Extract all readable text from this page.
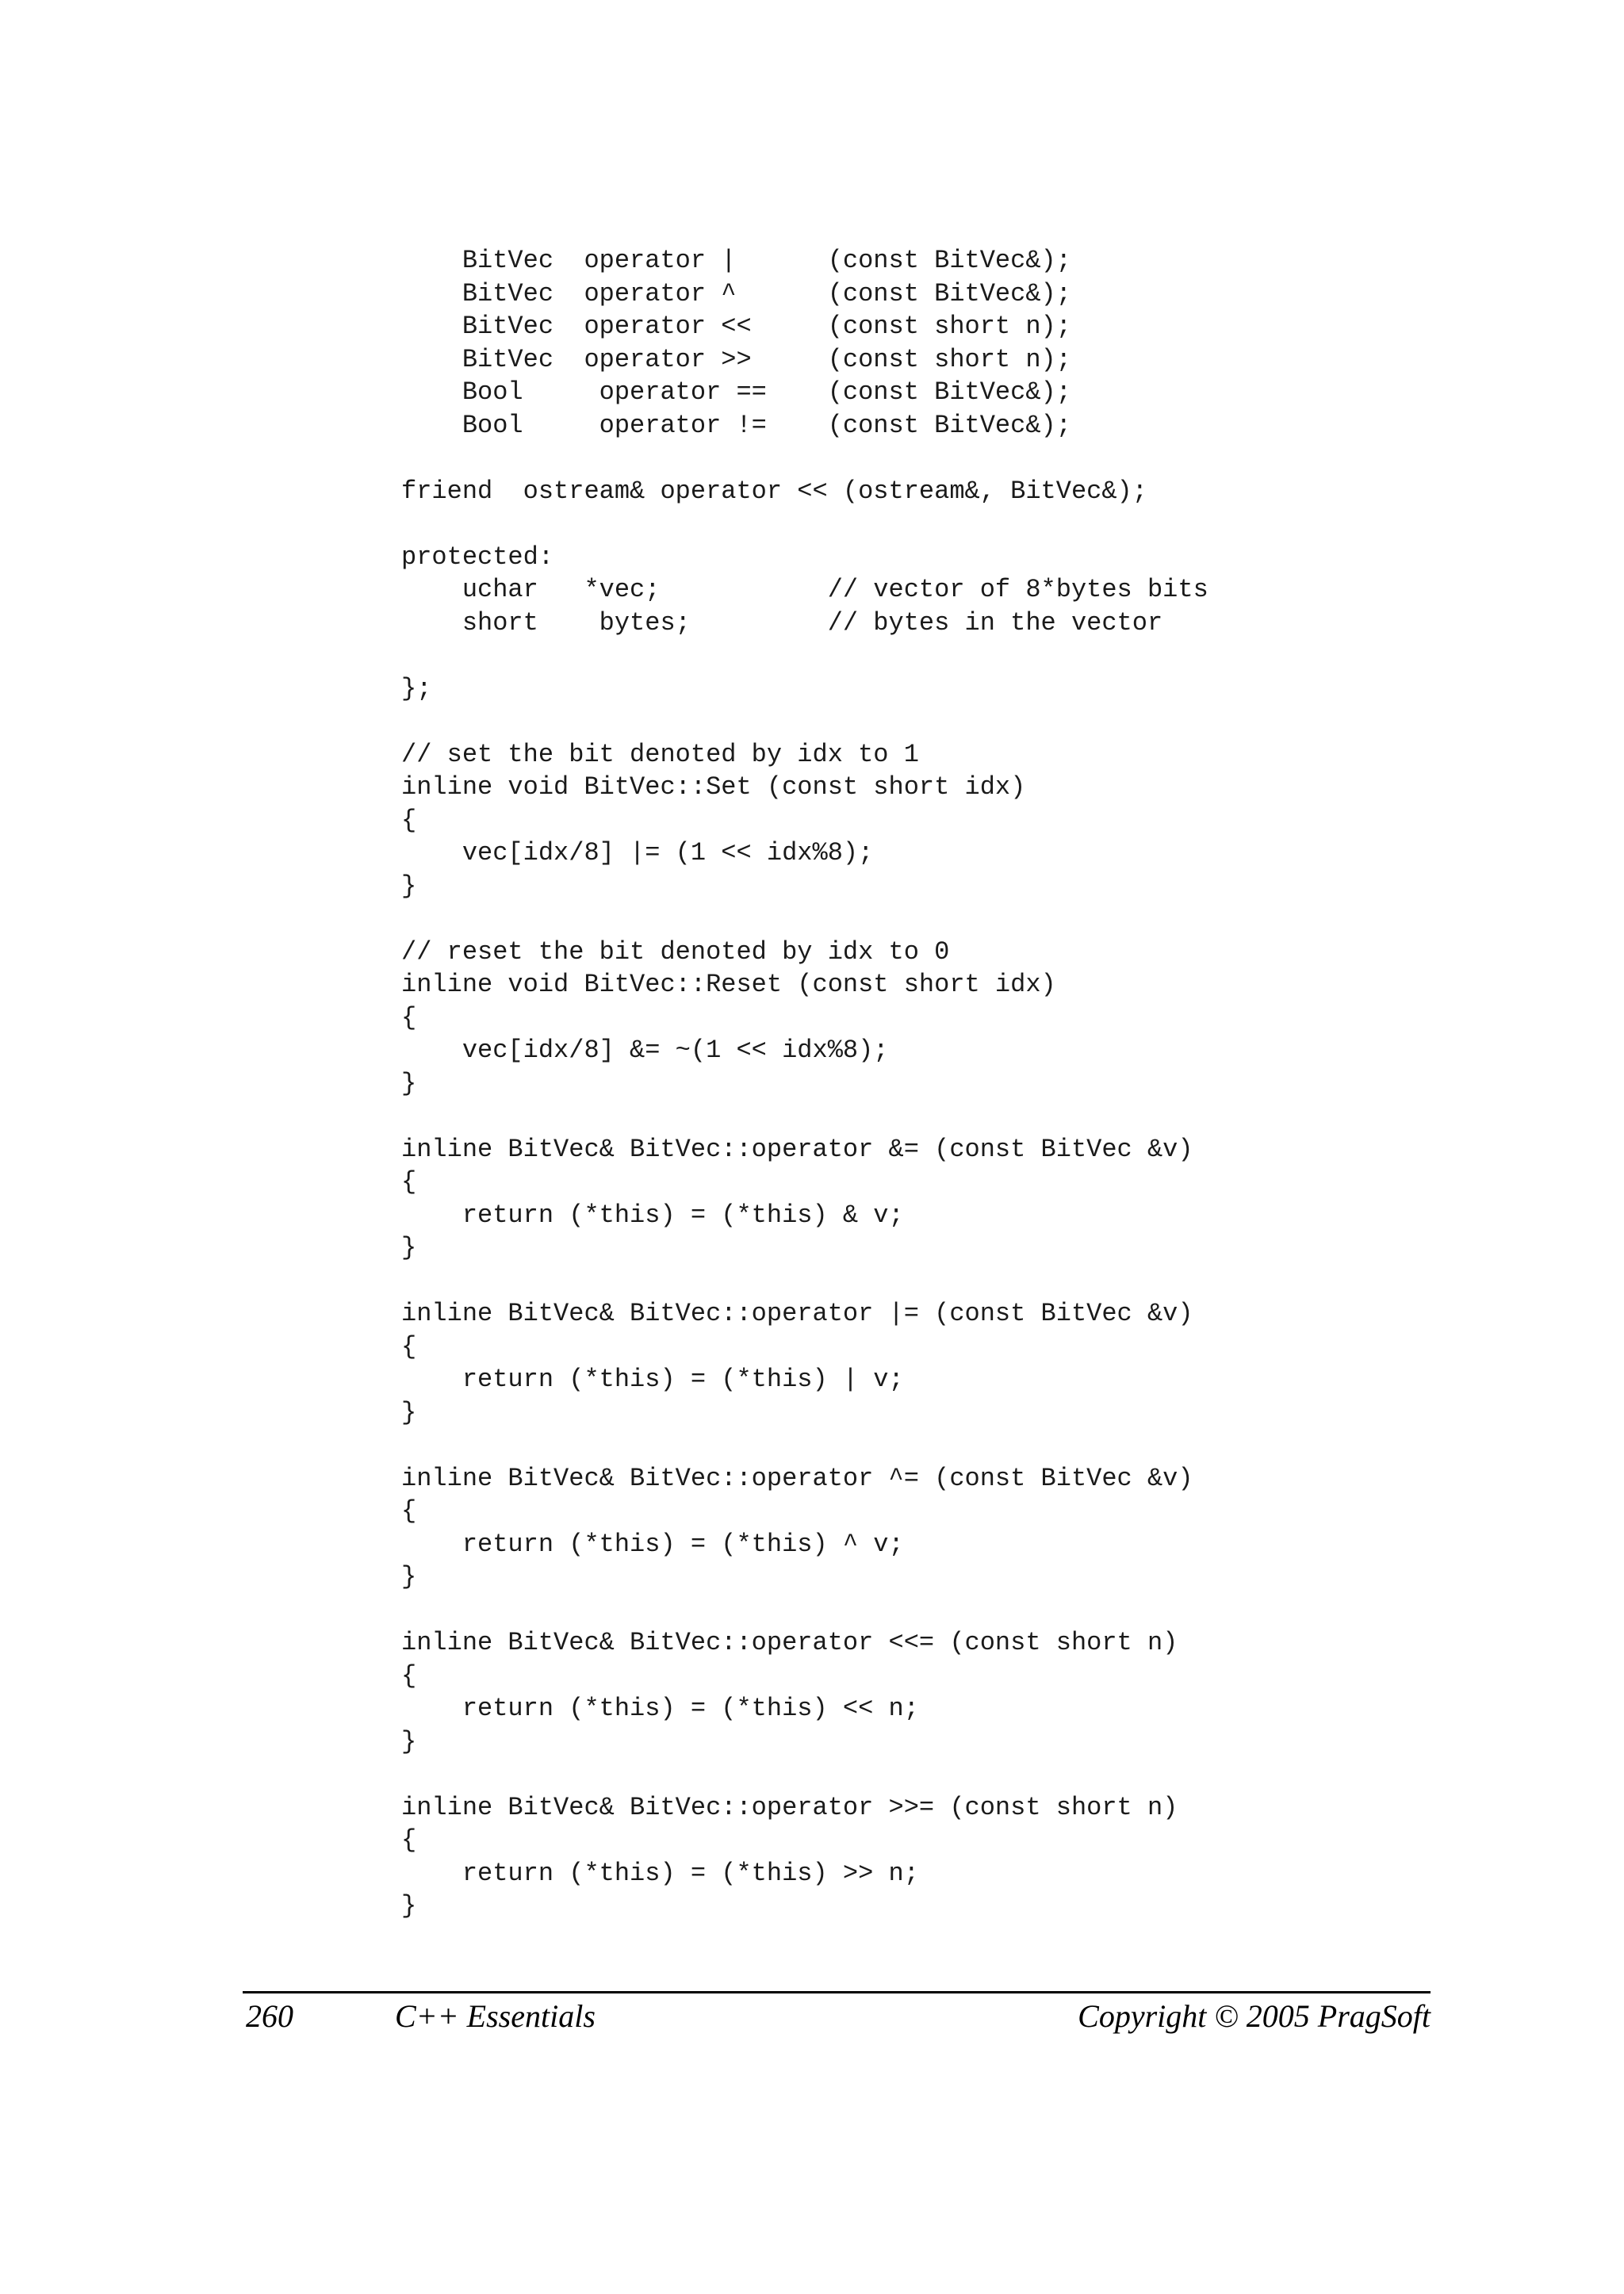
BitVec  operator |      (const BitVec&);
BitVec  operator ^      (const BitVec&);
BitVec  operator <<     (const short n);
BitVec  operator >>     (const short n);
Bool     operator ==    (const BitVec&);
Bool     operator !=    (const BitVec&);
friend  ostream& operator << (ostream&, BitVec&);
protected:
uchar   *vec;           // vector of 8*bytes bits
short    bytes;         // bytes in the vector
};
// set the bit denoted by idx to 1
inline void BitVec::Set (const short idx)
{
vec[idx/8] |= (1 << idx%8);
}
// reset the bit denoted by idx to 0
inline void BitVec::Reset (const short idx)
{
vec[idx/8] &= ~(1 << idx%8);
}
inline BitVec& BitVec::operator &= (const BitVec &v)
{
return (*this) = (*this) & v;
}
inline BitVec& BitVec::operator |= (const BitVec &v)
{
return (*this) = (*this) | v;
}
inline BitVec& BitVec::operator ^= (const BitVec &v)
{
return (*this) = (*this) ^ v;
}
inline BitVec& BitVec::operator <<= (const short n)
{
return (*this) = (*this) << n;
}
inline BitVec& BitVec::operator >>= (const short n)
{
return (*this) = (*this) >> n;
}
260	C++ Essentials	Copyright © 2005 PragSoft
